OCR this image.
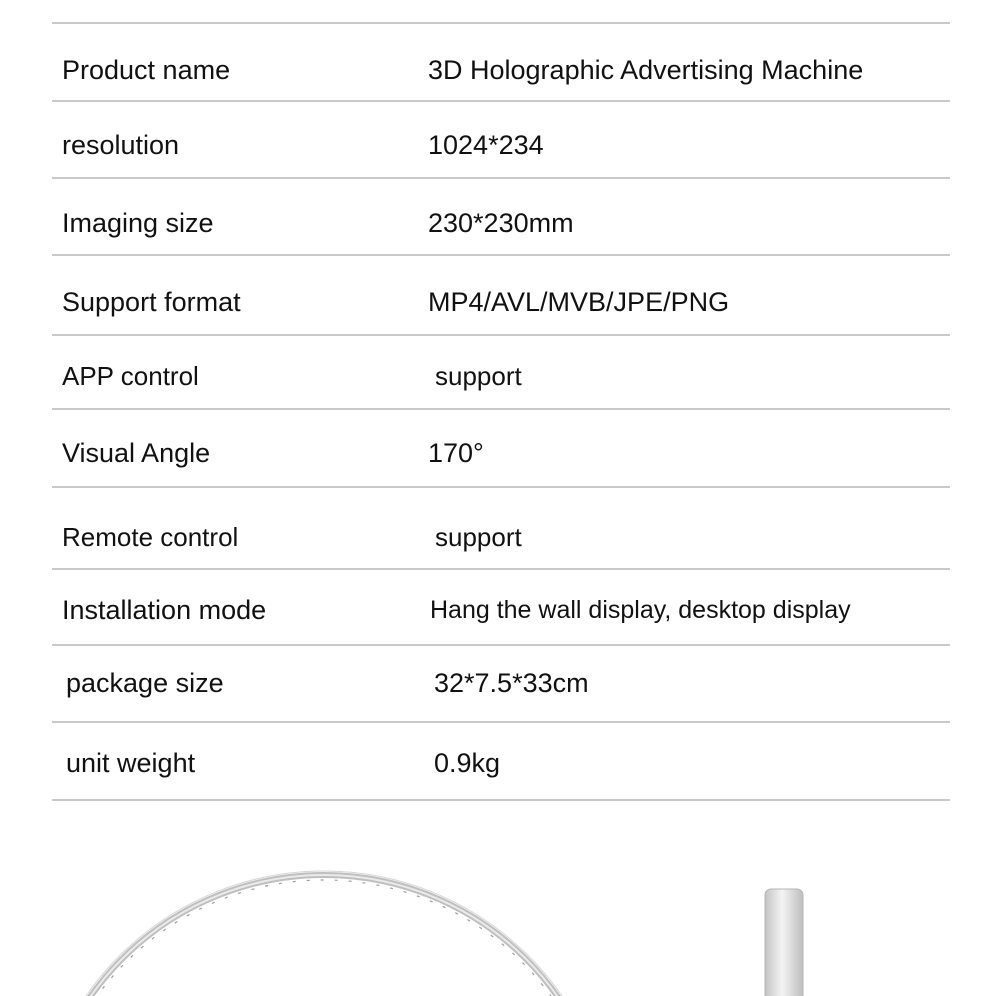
Product name	3D Holographic Advertising Machine
resolution	1024*234
Imaging size	230*230mm
Support format	MP4/AVL/MVB/JPE/PNG
APP control	support
Visual Angle	170°
Remote control	support
Installation mode	Hang the wall display, desktop display
package size	32*7.5*33cm
unit weight	0.9kg
